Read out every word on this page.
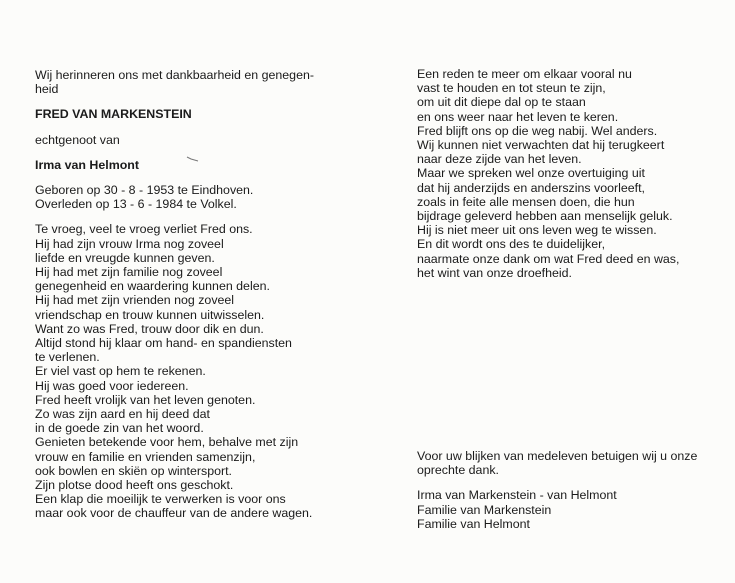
Wij herinneren ons met dankbaarheid en genegen-
heid
FRED VAN MARKENSTEIN
echtgenoot van
Irma van Helmont
Geboren op 30 - 8 - 1953 te Eindhoven.
Overleden op 13 - 6 - 1984 te Volkel.
Te vroeg, veel te vroeg verliet Fred ons.
Hij had zijn vrouw Irma nog zoveel
liefde en vreugde kunnen geven.
Hij had met zijn familie nog zoveel
genegenheid en waardering kunnen delen.
Hij had met zijn vrienden nog zoveel
vriendschap en trouw kunnen uitwisselen.
Want zo was Fred, trouw door dik en dun.
Altijd stond hij klaar om hand- en spandiensten
te verlenen.
Er viel vast op hem te rekenen.
Hij was goed voor iedereen.
Fred heeft vrolijk van het leven genoten.
Zo was zijn aard en hij deed dat
in de goede zin van het woord.
Genieten betekende voor hem, behalve met zijn
vrouw en familie en vrienden samenzijn,
ook bowlen en skiën op wintersport.
Zijn plotse dood heeft ons geschokt.
Een klap die moeilijk te verwerken is voor ons
maar ook voor de chauffeur van de andere wagen.
Een reden te meer om elkaar vooral nu
vast te houden en tot steun te zijn,
om uit dit diepe dal op te staan
en ons weer naar het leven te keren.
Fred blijft ons op die weg nabij. Wel anders.
Wij kunnen niet verwachten dat hij terugkeert
naar deze zijde van het leven.
Maar we spreken wel onze overtuiging uit
dat hij anderzijds en anderszins voorleeft,
zoals in feite alle mensen doen, die hun
bijdrage geleverd hebben aan menselijk geluk.
Hij is niet meer uit ons leven weg te wissen.
En dit wordt ons des te duidelijker,
naarmate onze dank om wat Fred deed en was,
het wint van onze droefheid.
Voor uw blijken van medeleven betuigen wij u onze
oprechte dank.
Irma van Markenstein - van Helmont
Familie van Markenstein
Familie van Helmont
